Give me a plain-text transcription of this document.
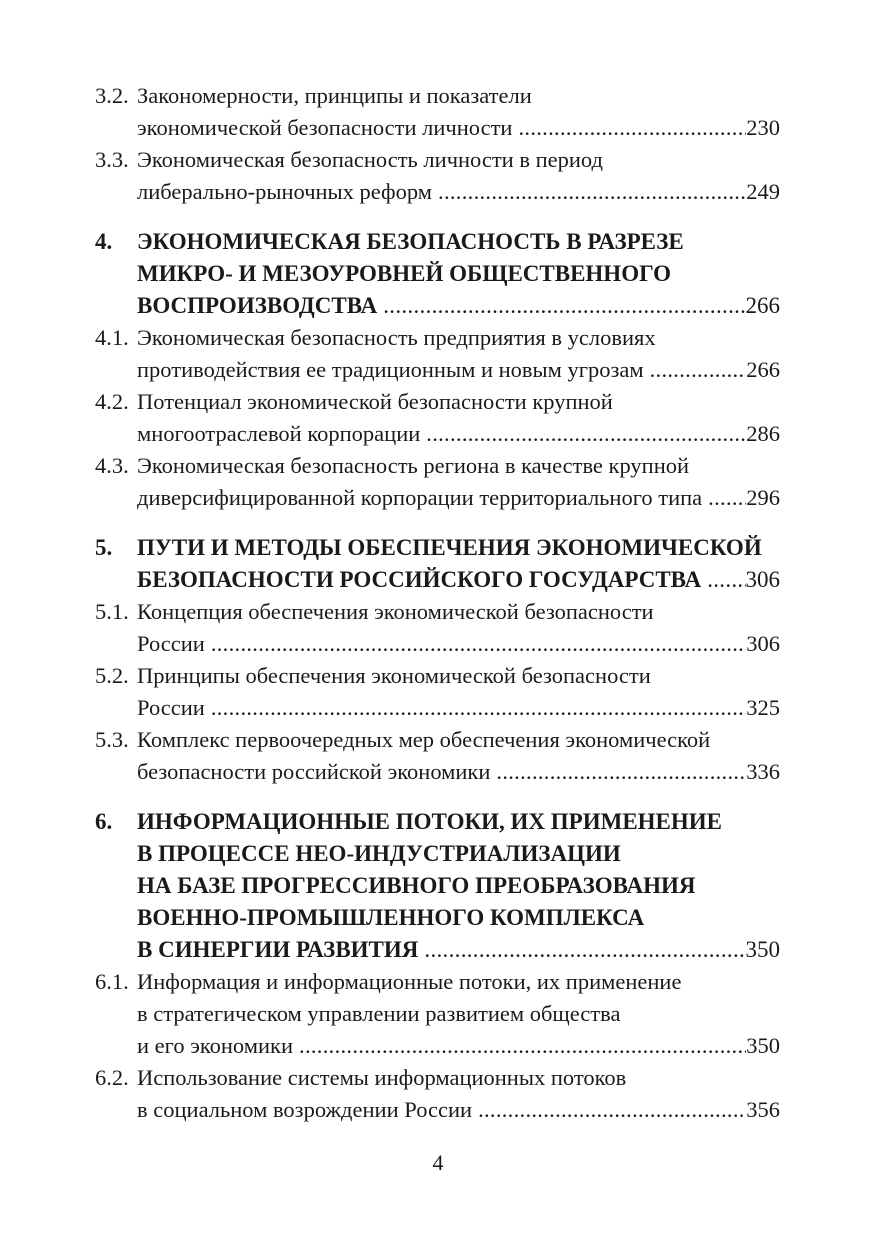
3.2. Закономерности, принципы и показатели
экономической безопасности личности .....	230
3.3. Экономическая безопасность личности в период
либерально-рыночных реформ .....	249
4.	ЭКОНОМИЧЕСКАЯ БЕЗОПАСНОСТЬ В РАЗРЕЗЕ
МИКРО- И МЕЗОУРОВНЕЙ ОБЩЕСТВЕННОГО
ВОСПРОИЗВОДСТВА .....	266
4.1. Экономическая безопасность предприятия в условиях
противодействия ее традиционным и новым угрозам .....	266
4.2. Потенциал экономической безопасности крупной
многоотраслевой корпорации .....	286
4.3. Экономическая безопасность региона в качестве крупной
диверсифицированной корпорации территориального типа ..... 296
5.	ПУТИ И МЕТОДЫ ОБЕСПЕЧЕНИЯ ЭКОНОМИЧЕСКОЙ
БЕЗОПАСНОСТИ РОССИЙСКОГО ГОСУДАРСТВА ..... 306
5.1. Концепция обеспечения экономической безопасности
России .....	306
5.2. Принципы обеспечения экономической безопасности
России .....	325
5.3. Комплекс первоочередных мер обеспечения экономической
безопасности российской экономики .....	336
6.	ИНФОРМАЦИОННЫЕ ПОТОКИ, ИХ ПРИМЕНЕНИЕ
В ПРОЦЕССЕ НЕО-ИНДУСТРИАЛИЗАЦИИ
НА БАЗЕ ПРОГРЕССИВНОГО ПРЕОБРАЗОВАНИЯ
ВОЕННО-ПРОМЫШЛЕННОГО КОМПЛЕКСА
В СИНЕРГИИ РАЗВИТИЯ .....	350
6.1. Информация и информационные потоки, их применение
в стратегическом управлении развитием общества
и его экономики .....	350
6.2. Использование системы информационных потоков
в социальном возрождении России .....	356
4
